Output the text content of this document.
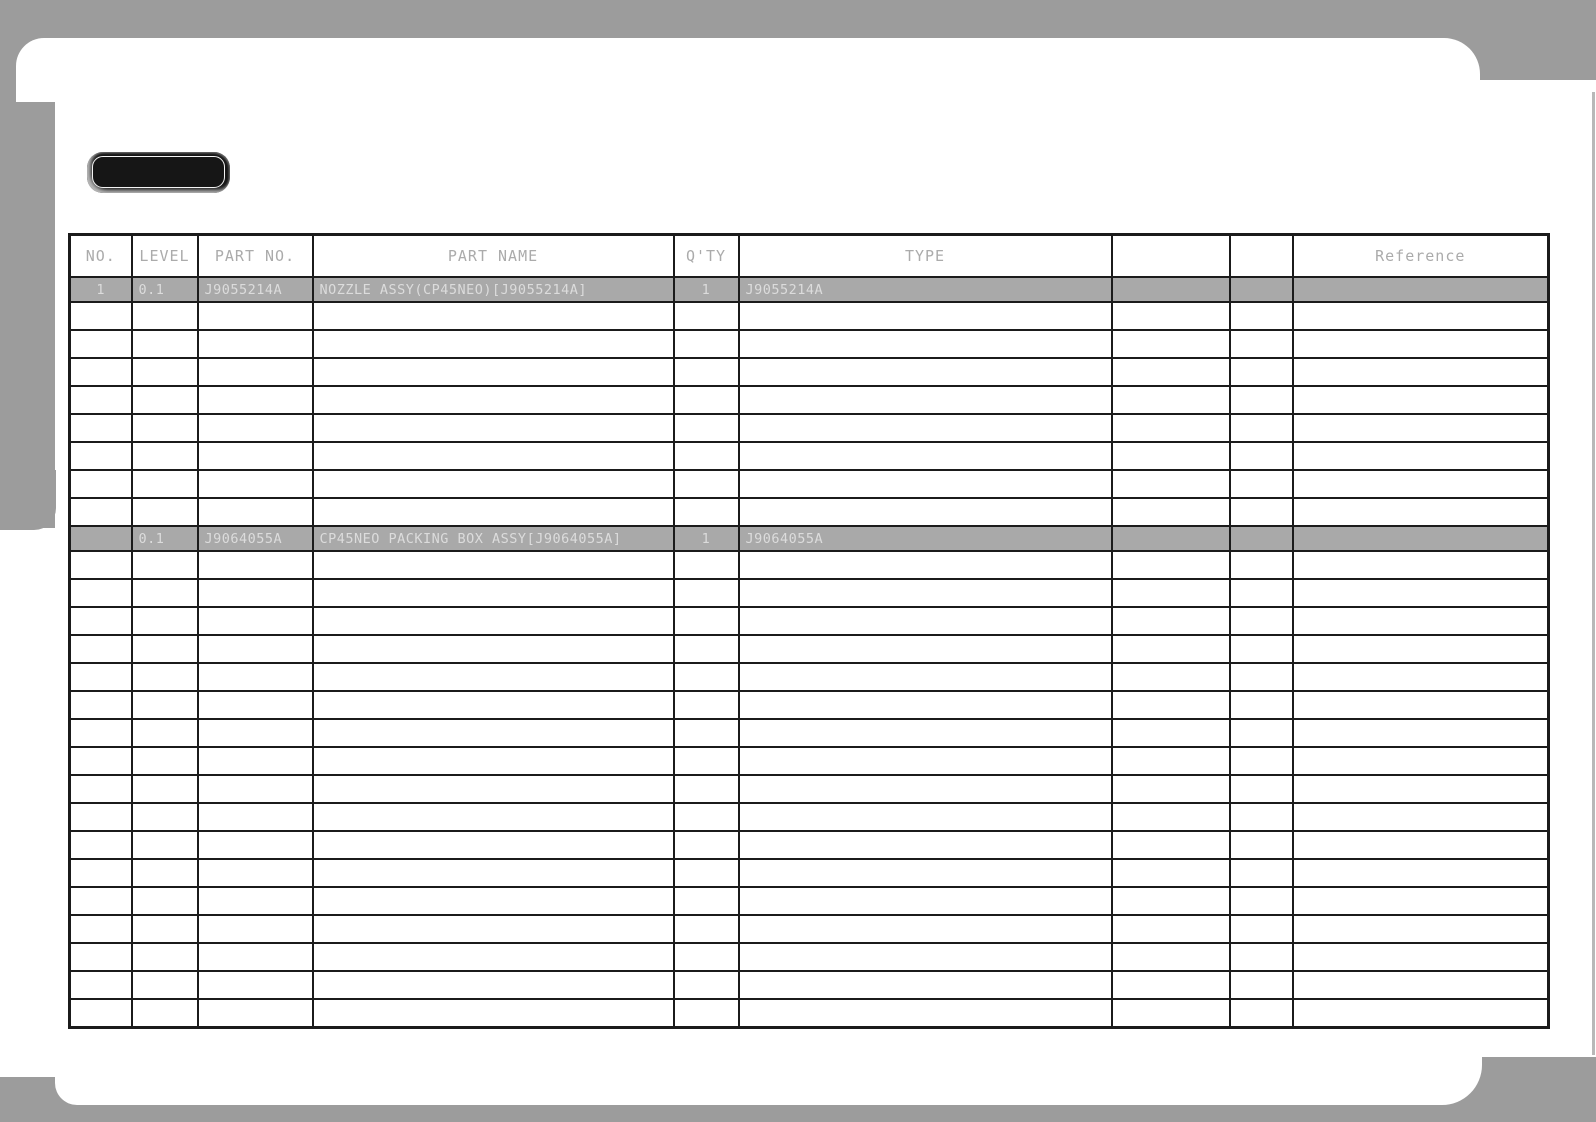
NO.	LEVEL	PART NO.	PART NAME	Q'TY	TYPE			Reference
1	0.1	J9055214A	NOZZLE ASSY(CP45NEO)[J9055214A]	1	J9055214A			

	0.1	J9064055A	CP45NEO PACKING BOX ASSY[J9064055A]	1	J9064055A			
